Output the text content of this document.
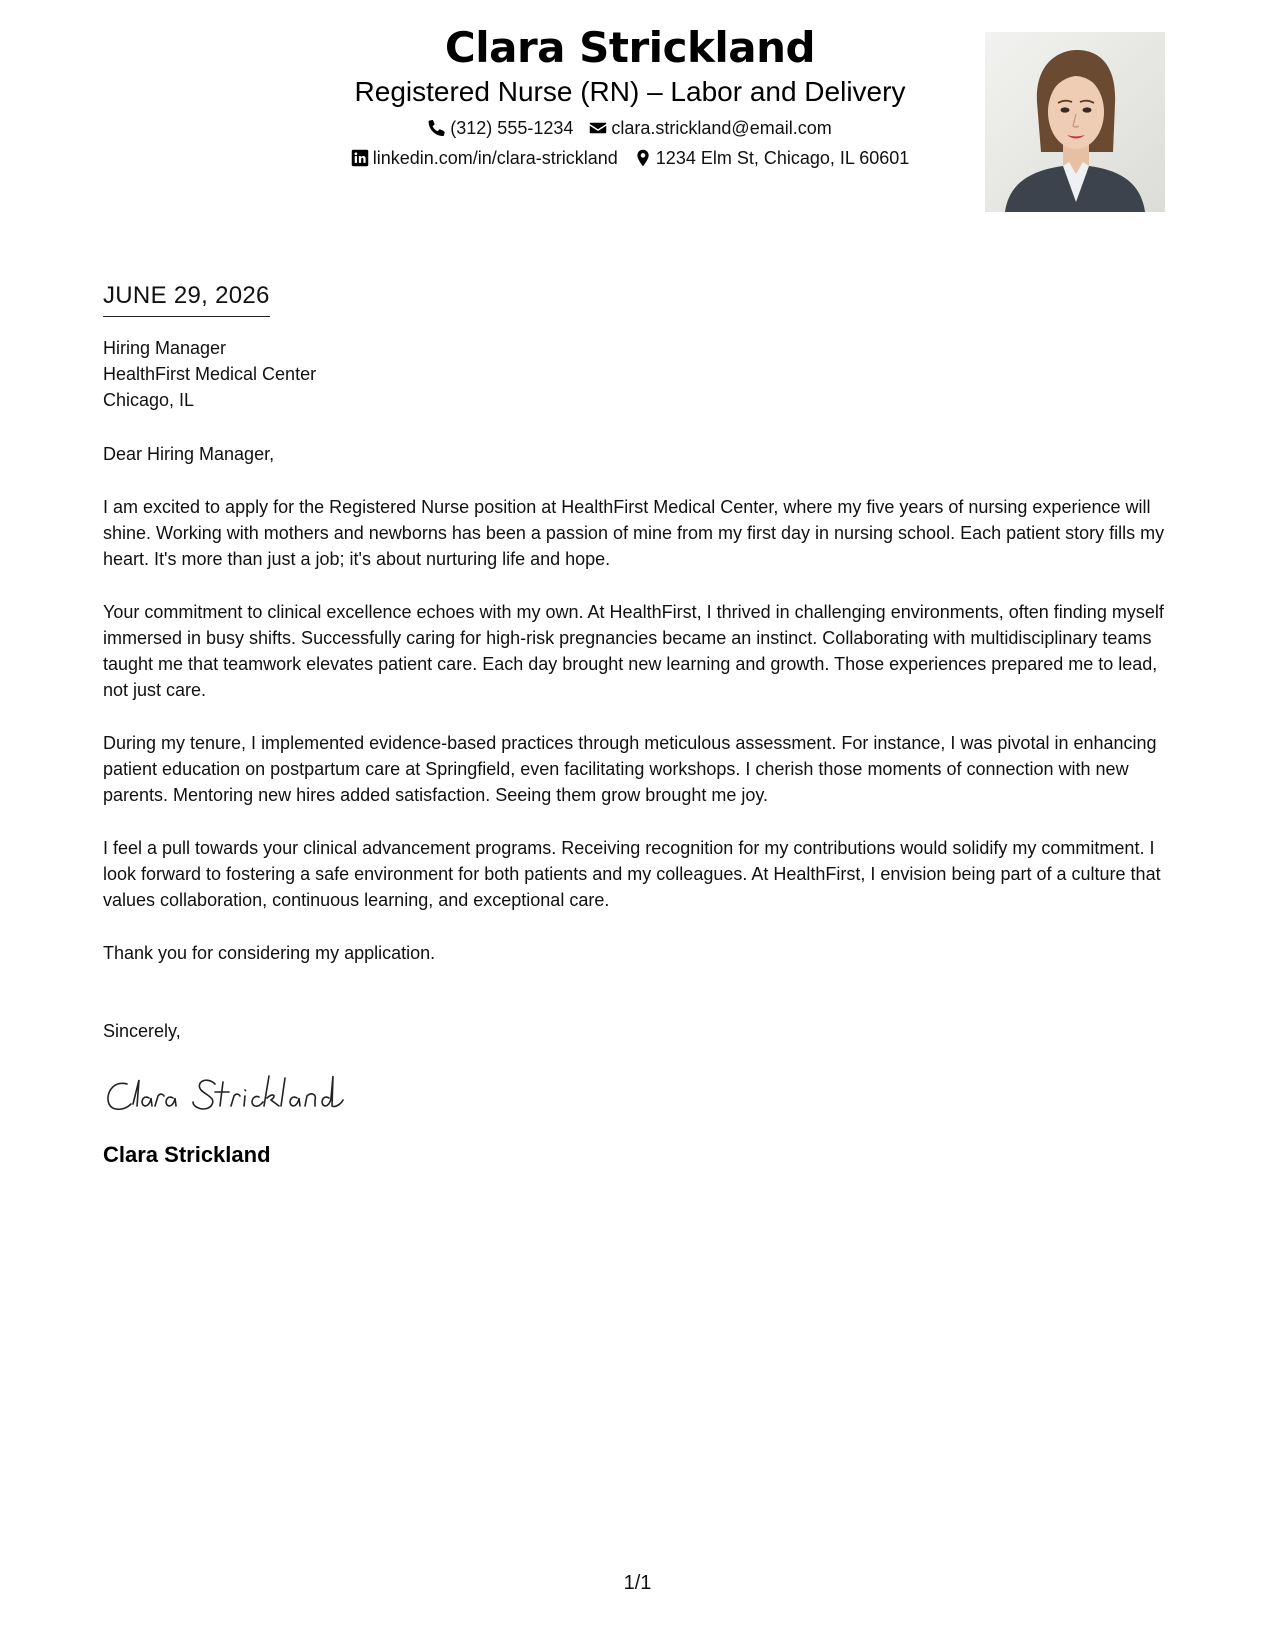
Clara Strickland
Registered Nurse (RN) – Labor and Delivery
(312) 555-1234 clara.strickland@email.com
linkedin.com/in/clara-strickland 1234 Elm St, Chicago, IL 60601
JUNE 29, 2026
Hiring Manager
HealthFirst Medical Center
Chicago, IL
Dear Hiring Manager,
I am excited to apply for the Registered Nurse position at HealthFirst Medical Center, where my five years of nursing experience will shine. Working with mothers and newborns has been a passion of mine from my first day in nursing school. Each patient story fills my heart. It's more than just a job; it's about nurturing life and hope.
Your commitment to clinical excellence echoes with my own. At HealthFirst, I thrived in challenging environments, often finding myself immersed in busy shifts. Successfully caring for high-risk pregnancies became an instinct. Collaborating with multidisciplinary teams taught me that teamwork elevates patient care. Each day brought new learning and growth. Those experiences prepared me to lead, not just care.
During my tenure, I implemented evidence-based practices through meticulous assessment. For instance, I was pivotal in enhancing patient education on postpartum care at Springfield, even facilitating workshops. I cherish those moments of connection with new parents. Mentoring new hires added satisfaction. Seeing them grow brought me joy.
I feel a pull towards your clinical advancement programs. Receiving recognition for my contributions would solidify my commitment. I look forward to fostering a safe environment for both patients and my colleagues. At HealthFirst, I envision being part of a culture that values collaboration, continuous learning, and exceptional care.
Thank you for considering my application.
Sincerely,
Clara Strickland
1/1
